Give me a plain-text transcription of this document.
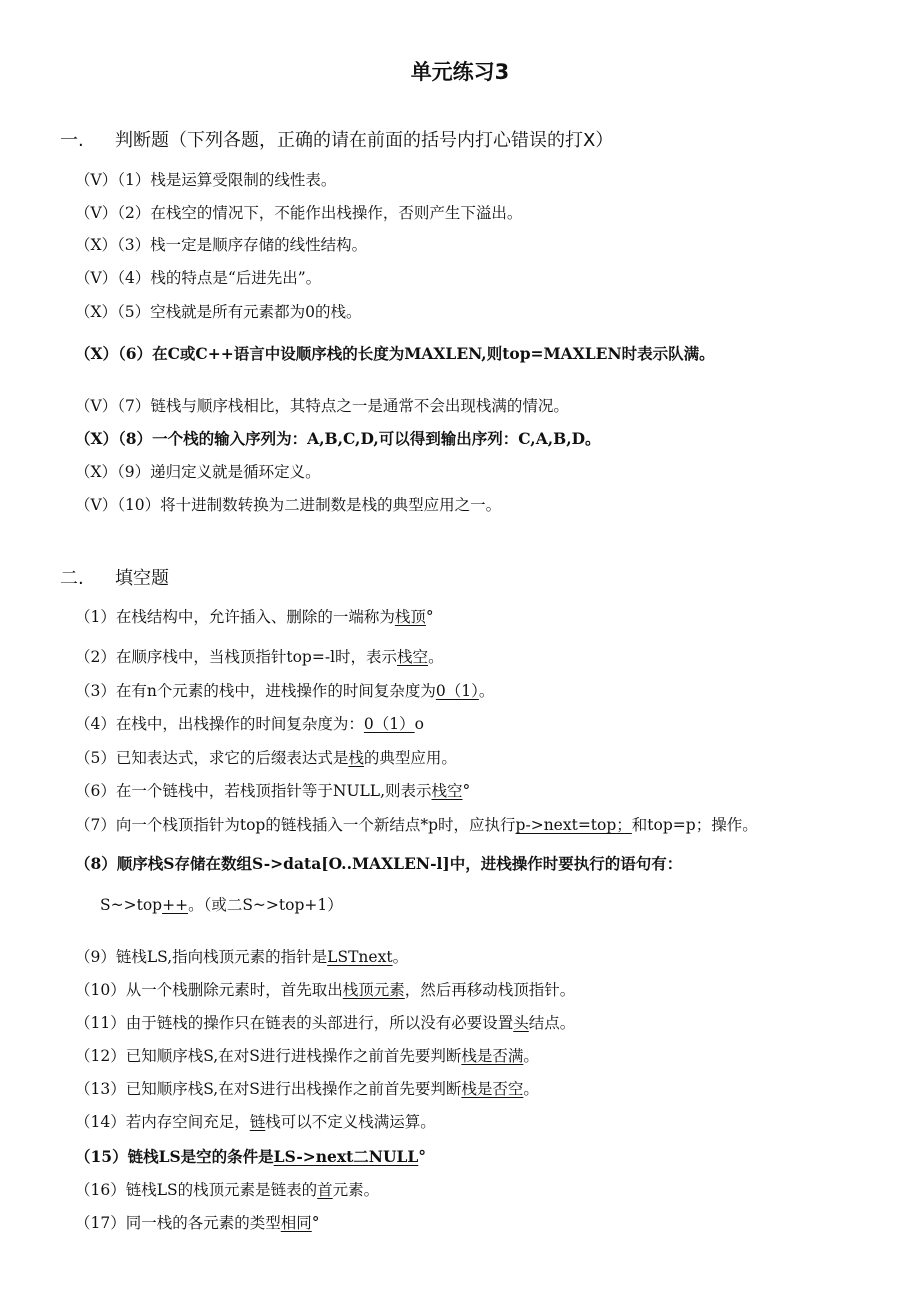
单元练习3
一. 判断题（下列各题，正确的请在前面的括号内打心错误的打X）
二. 填空题
（V）（1）栈是运算受限制的线性表。
（V）（2）在栈空的情况下，不能作出栈操作，否则产生下溢出。
（X）（3）栈一定是顺序存储的线性结构。
（V）（4）栈的特点是“后进先出”。
（X）（5）空栈就是所有元素都为0的栈。
（X）（6）在C或C++语言中设顺序栈的长度为MAXLEN,则top=MAXLEN时表示队满。
（V）（7）链栈与顺序栈相比，其特点之一是通常不会出现栈满的情况。
（X）（8）一个栈的输入序列为：A,B,C,D,可以得到输出序列：C,A,B,D。
（X）（9）递归定义就是循环定义。
（V）（10）将十进制数转换为二进制数是栈的典型应用之一。
（1）在栈结构中，允许插入、删除的一端称为栈顶°
（2）在顺序栈中，当栈顶指针top=-l时，表示栈空。
（3）在有n个元素的栈中，进栈操作的时间复杂度为0（1）。
（4）在栈中，出栈操作的时间复杂度为：0（1）o
（5）已知表达式，求它的后缀表达式是栈的典型应用。
（6）在一个链栈中，若栈顶指针等于NULL,则表示栈空°
（7）向一个栈顶指针为top的链栈插入一个新结点*p时，应执行p->next=top；和top=p；操作。
（8）顺序栈S存储在数组S->data[O..MAXLEN-l]中，进栈操作时要执行的语句有：
S~>top++。（或二S~>top+1）
（9）链栈LS,指向栈顶元素的指针是LSTnext。
（10）从一个栈删除元素时，首先取出栈顶元素，然后再移动栈顶指针。
（11）由于链栈的操作只在链表的头部进行，所以没有必要设置头结点。
（12）已知顺序栈S,在对S进行进栈操作之前首先要判断栈是否满。
（13）已知顺序栈S,在对S进行出栈操作之前首先要判断栈是否空。
（14）若内存空间充足，链栈可以不定义栈满运算。
（15）链栈LS是空的条件是LS->next二NULL°
（16）链栈LS的栈顶元素是链表的首元素。
（17）同一栈的各元素的类型相同°
